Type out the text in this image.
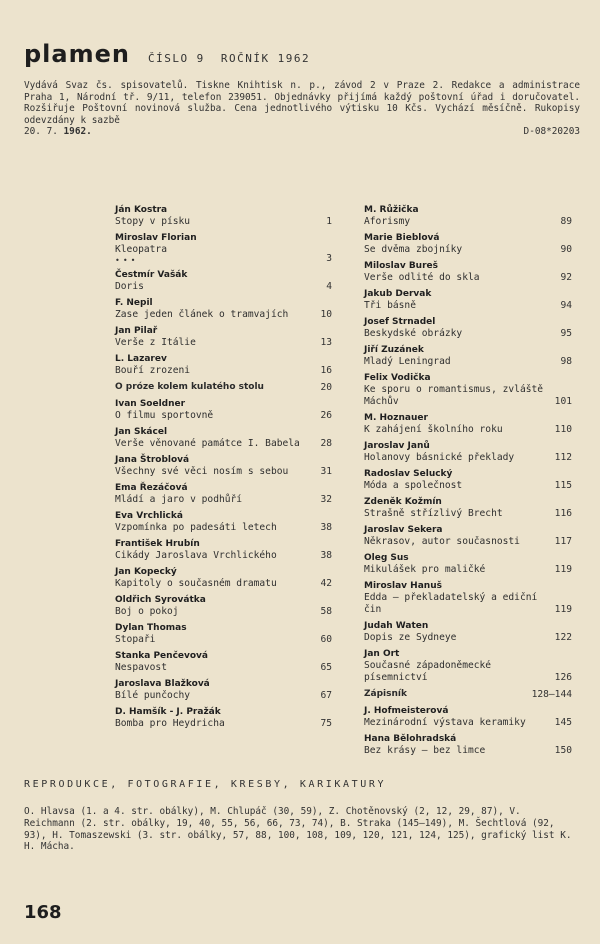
plamen ČÍSLO 9 ROČNÍK 1962
Vydává Svaz čs. spisovatelů. Tiskne Knihtisk n. p., závod 2 v Praze 2. Redakce a administrace Praha 1, Národní tř. 9/11, telefon 239051. Objednávky přijímá každý poštovní úřad i doručovatel. Rozšiřuje Poštovní novinová služba. Cena jednotlivého výtisku 10 Kčs. Vychází měsíčně. Rukopisy odevzdány k sazbě
20. 7. 1962.	D-08*20203
Ján Kostra
Stopy v písku	1
Miroslav Florian
Kleopatra
•••	3
Čestmír Vašák
Doris	4
F. Nepil
Zase jeden článek o tramvajích	10
Jan Pilař
Verše z Itálie	13
L. Lazarev
Bouří zrozeni	16
O próze kolem kulatého stolu	20
Ivan Soeldner
O filmu sportovně	26
Jan Skácel
Verše věnované památce I. Babela	28
Jana Štroblová
Všechny své věci nosím s sebou	31
Ema Řezáčová
Mládí a jaro v podhůří	32
Eva Vrchlická
Vzpomínka po padesáti letech	38
František Hrubín
Cikády Jaroslava Vrchlického	38
Jan Kopecký
Kapitoly o současném dramatu	42
Oldřich Syrovátka
Boj o pokoj	58
Dylan Thomas
Stopaři	60
Stanka Penčevová
Nespavost	65
Jaroslava Blažková
Bílé punčochy	67
D. Hamšík - J. Pražák
Bomba pro Heydricha	75
M. Růžička
Aforismy	89
Marie Bieblová
Se dvěma zbojníky	90
Miloslav Bureš
Verše odlité do skla	92
Jakub Dervak
Tři básně	94
Josef Strnadel
Beskydské obrázky	95
Jiří Zuzánek
Mladý Leningrad	98
Felix Vodička
Ke sporu o romantismus, zvláště Máchův	101
M. Hoznauer
K zahájení školního roku	110
Jaroslav Janů
Holanovy básnické překlady	112
Radoslav Selucký
Móda a společnost	115
Zdeněk Kožmín
Strašně střízlivý Brecht	116
Jaroslav Sekera
Někrasov, autor současnosti	117
Oleg Sus
Mikulášek pro maličké	119
Miroslav Hanuš
Edda — překladatelský a ediční čin	119
Judah Waten
Dopis ze Sydneye	122
Jan Ort
Současné západoněmecké písemnictví	126
Zápisník	128—144
J. Hofmeisterová
Mezinárodní výstava keramiky	145
Hana Bělohradská
Bez krásy — bez limce	150
REPRODUKCE, FOTOGRAFIE, KRESBY, KARIKATURY
O. Hlavsa (1. a 4. str. obálky), M. Chlupáč (30, 59), Z. Chotěnovský (2, 12, 29, 87), V. Reichmann (2. str. obálky, 19, 40, 55, 56, 66, 73, 74), B. Straka (145—149), M. Šechtlová (92, 93), H. Tomaszewski (3. str. obálky, 57, 88, 100, 108, 109, 120, 121, 124, 125), grafický list K. H. Mácha.
168
